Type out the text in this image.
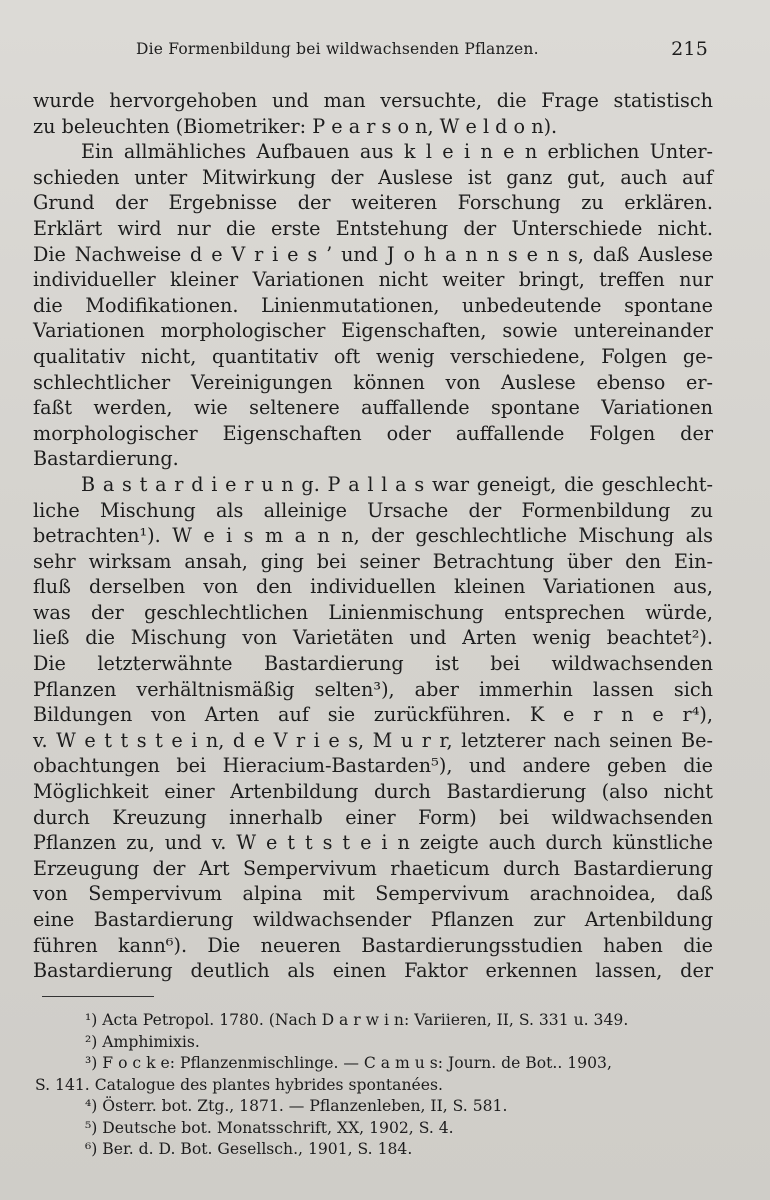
Die Formenbildung bei wildwachsenden Pflanzen.	215
wurde hervorgehoben und man versuchte, die Frage statistisch
zu beleuchten (Biometriker: P e a r s o n, W e l d o n).
Ein allmähliches Aufbauen aus k l e i n e n erblichen Unter-
schieden unter Mitwirkung der Auslese ist ganz gut, auch auf
Grund der Ergebnisse der weiteren Forschung zu erklären.
Erklärt wird nur die erste Entstehung der Unterschiede nicht.
Die Nachweise d e V r i e s ’ und J o h a n n s e n s, daß Auslese
individueller kleiner Variationen nicht weiter bringt, treffen nur
die Modifikationen. Linienmutationen, unbedeutende spontane
Variationen morphologischer Eigenschaften, sowie untereinander
qualitativ nicht, quantitativ oft wenig verschiedene, Folgen ge-
schlechtlicher Vereinigungen können von Auslese ebenso er-
faßt werden, wie seltenere auffallende spontane Variationen
morphologischer Eigenschaften oder auffallende Folgen der
Bastardierung.
B a s t a r d i e r u n g. P a l l a s war geneigt, die geschlecht-
liche Mischung als alleinige Ursache der Formenbildung zu
betrachten¹). W e i s m a n n, der geschlechtliche Mischung als
sehr wirksam ansah, ging bei seiner Betrachtung über den Ein-
fluß derselben von den individuellen kleinen Variationen aus,
was der geschlechtlichen Linienmischung entsprechen würde,
ließ die Mischung von Varietäten und Arten wenig beachtet²).
Die letzterwähnte Bastardierung ist bei wildwachsenden
Pflanzen verhältnismäßig selten³), aber immerhin lassen sich
Bildungen von Arten auf sie zurückführen. K e r n e r⁴),
v. W e t t s t e i n, d e V r i e s, M u r r, letzterer nach seinen Be-
obachtungen bei Hieracium-Bastarden⁵), und andere geben die
Möglichkeit einer Artenbildung durch Bastardierung (also nicht
durch Kreuzung innerhalb einer Form) bei wildwachsenden
Pflanzen zu, und v. W e t t s t e i n zeigte auch durch künstliche
Erzeugung der Art Sempervivum rhaeticum durch Bastardierung
von Sempervivum alpina mit Sempervivum arachnoidea, daß
eine Bastardierung wildwachsender Pflanzen zur Artenbildung
führen kann⁶). Die neueren Bastardierungsstudien haben die
Bastardierung deutlich als einen Faktor erkennen lassen, der
¹) Acta Petropol. 1780. (Nach D a r w i n: Variieren, II, S. 331 u. 349.
²) Amphimixis.
³) F o c k e: Pflanzenmischlinge. — C a m u s: Journ. de Bot.. 1903,
S. 141. Catalogue des plantes hybrides spontanées.
⁴) Österr. bot. Ztg., 1871. — Pflanzenleben, II, S. 581.
⁵) Deutsche bot. Monatsschrift, XX, 1902, S. 4.
⁶) Ber. d. D. Bot. Gesellsch., 1901, S. 184.
